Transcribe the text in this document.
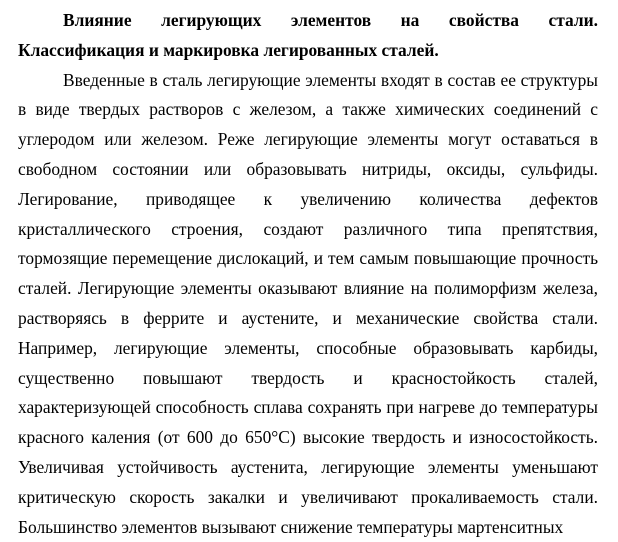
Влияние легирующих элементов на свойства стали.
Классификация и маркировка легированных сталей.

Введенные в сталь легирующие элементы входят в состав ее структуры в виде твердых растворов с железом, а также химических соединений с углеродом или железом. Реже легирующие элементы могут оставаться в свободном состоянии или образовывать нитриды, оксиды, сульфиды. Легирование, приводящее к увеличению количества дефектов кристаллического строения, создают различного типа препятствия, тормозящие перемещение дислокаций, и тем самым повышающие прочность сталей. Легирующие элементы оказывают влияние на полиморфизм железа, растворяясь в феррите и аустените, и механические свойства стали. Например, легирующие элементы, способные образовывать карбиды, существенно повышают твердость и красностойкость сталей, характеризующей способность сплава сохранять при нагреве до температуры красного каления (от 600 до 650°С) высокие твердость и износостойкость. Увеличивая устойчивость аустенита, легирующие элементы уменьшают критическую скорость закалки и увеличивают прокаливаемость стали. Большинство элементов вызывают снижение температуры мартенситных
